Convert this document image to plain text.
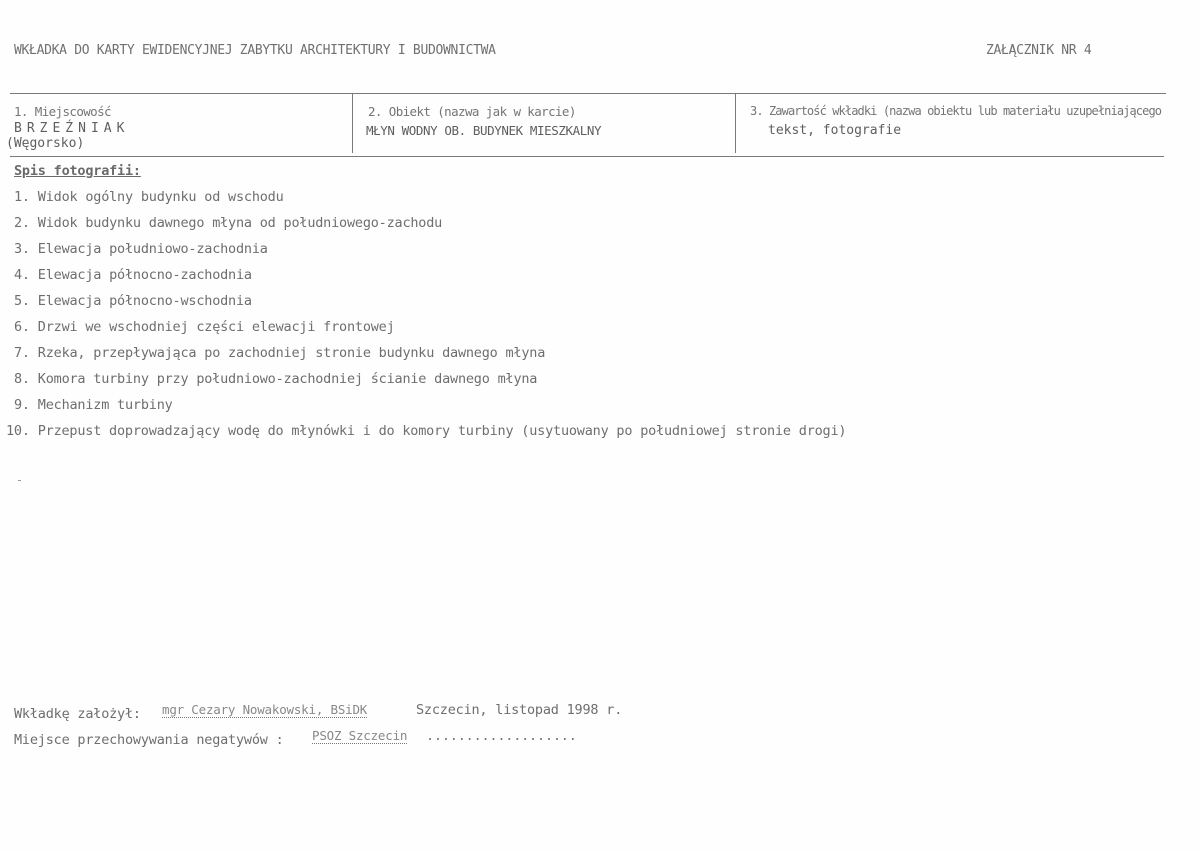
WKŁADKA DO KARTY EWIDENCYJNEJ ZABYTKU ARCHITEKTURY I BUDOWNICTWA	ZAŁĄCZNIK NR 4
1. Miejscowość
BRZEŹNIAK
(Węgorsko)
2. Obiekt (nazwa jak w karcie)
MŁYN WODNY OB. BUDYNEK MIESZKALNY
3. Zawartość wkładki (nazwa obiektu lub materiału uzupełniającego
tekst, fotografie
Spis fotografii:
1. Widok ogólny budynku od wschodu
2. Widok budynku dawnego młyna od południowego-zachodu
3. Elewacja południowo-zachodnia
4. Elewacja północno-zachodnia
5. Elewacja północno-wschodnia
6. Drzwi we wschodniej części elewacji frontowej
7. Rzeka, przepływająca po zachodniej stronie budynku dawnego młyna
8. Komora turbiny przy południowo-zachodniej ścianie dawnego młyna
9. Mechanizm turbiny
10. Przepust doprowadzający wodę do młynówki i do komory turbiny (usytuowany po południowej stronie drogi)
Wkładkę założył: mgr Cezary Nowakowski, BSiDK	Szczecin, listopad 1998 r.
Miejsce przechowywania negatywów : PSOZ Szczecin ...................
